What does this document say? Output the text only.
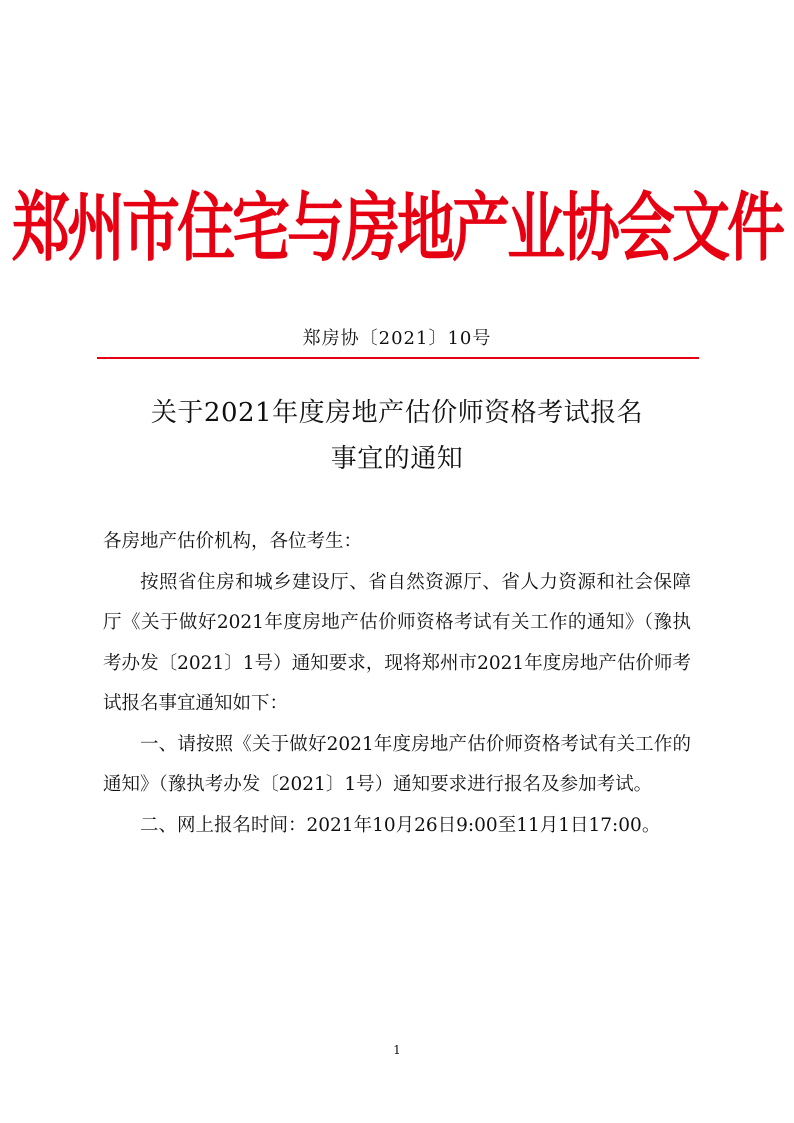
郑州市住宅与房地产业协会文件
郑房协〔2021〕10号
关于2021年度房地产估价师资格考试报名
事宜的通知

各房地产估价机构，各位考生：

按照省住房和城乡建设厅、省自然资源厅、省人力资源和社会保障厅《关于做好2021年度房地产估价师资格考试有关工作的通知》（豫执考办发〔2021〕1号）通知要求，现将郑州市2021年度房地产估价师考试报名事宜通知如下：

一、请按照《关于做好2021年度房地产估价师资格考试有关工作的通知》（豫执考办发〔2021〕1号）通知要求进行报名及参加考试。

二、网上报名时间：2021年10月26日9:00至11月1日17:00。

1
